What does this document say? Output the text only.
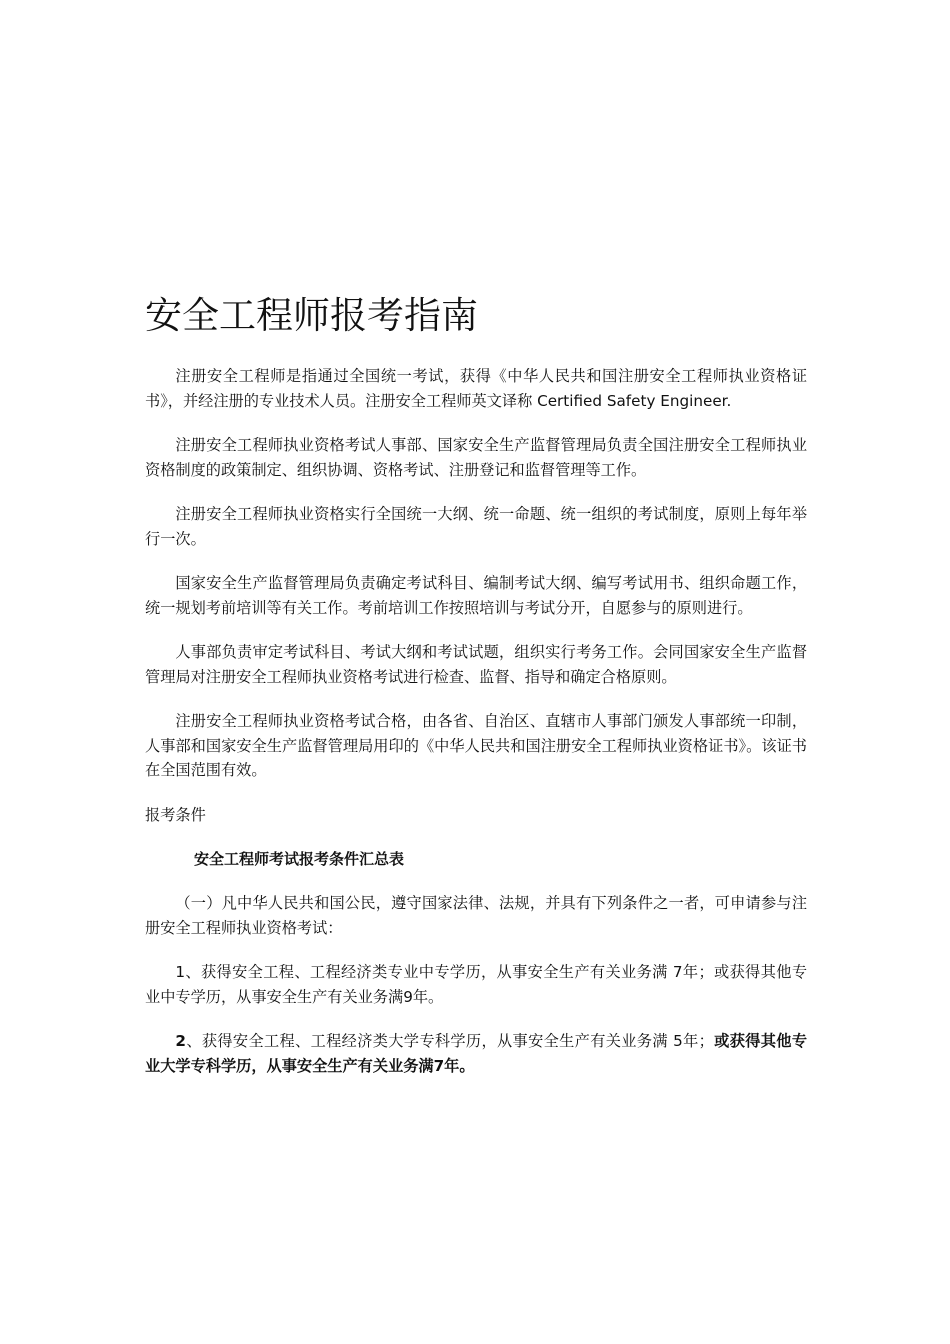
安全工程师报考指南

注册安全工程师是指通过全国统一考试，获得《中华人民共和国注册安全工程师执业资格证书》，并经注册的专业技术人员。注册安全工程师英文译称 Certified Safety Engineer.

注册安全工程师执业资格考试人事部、国家安全生产监督管理局负责全国注册安全工程师执业资格制度的政策制定、组织协调、资格考试、注册登记和监督管理等工作。

注册安全工程师执业资格实行全国统一大纲、统一命题、统一组织的考试制度，原则上每年举行一次。

国家安全生产监督管理局负责确定考试科目、编制考试大纲、编写考试用书、组织命题工作，统一规划考前培训等有关工作。考前培训工作按照培训与考试分开，自愿参与的原则进行。

人事部负责审定考试科目、考试大纲和考试试题，组织实行考务工作。会同国家安全生产监督管理局对注册安全工程师执业资格考试进行检查、监督、指导和确定合格原则。

注册安全工程师执业资格考试合格，由各省、自治区、直辖市人事部门颁发人事部统一印制，人事部和国家安全生产监督管理局用印的《中华人民共和国注册安全工程师执业资格证书》。该证书在全国范围有效。

报考条件

安全工程师考试报考条件汇总表

（一）凡中华人民共和国公民，遵守国家法律、法规，并具有下列条件之一者，可申请参与注册安全工程师执业资格考试：

1、获得安全工程、工程经济类专业中专学历，从事安全生产有关业务满 7年；或获得其他专业中专学历，从事安全生产有关业务满9年。

2、获得安全工程、工程经济类大学专科学历，从事安全生产有关业务满 5年；或获得其他专业大学专科学历，从事安全生产有关业务满7年。
